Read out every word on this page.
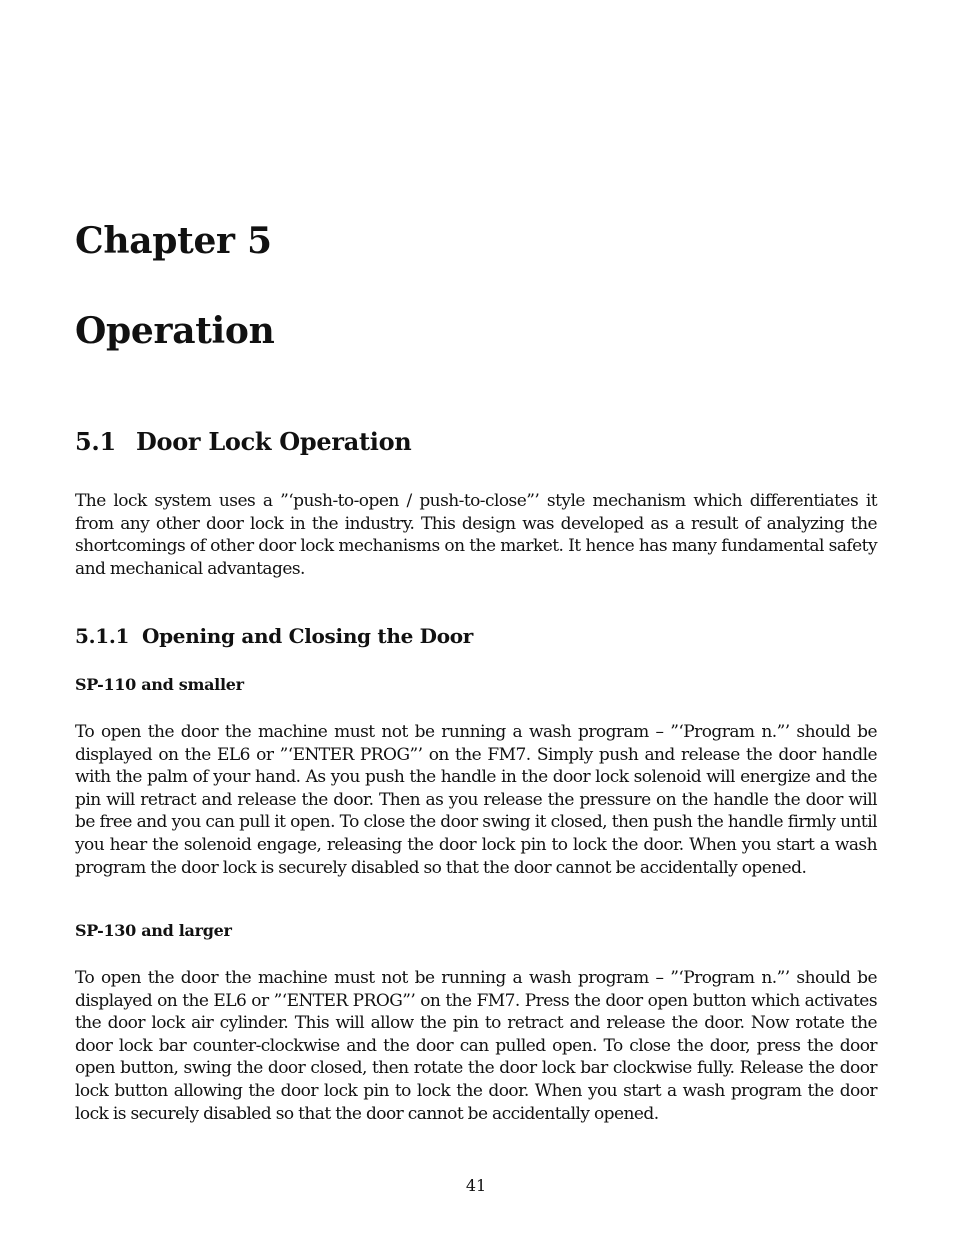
Chapter 5
Operation
5.1 Door Lock Operation

The lock system uses a ”‘push-to-open / push-to-close”’ style mechanism which differentiates it from any other door lock in the industry. This design was developed as a result of analyzing the shortcomings of other door lock mechanisms on the market. It hence has many fundamental safety and mechanical advantages.

5.1.1 Opening and Closing the Door
SP-110 and smaller

To open the door the machine must not be running a wash program – ”‘Program n.”’ should be displayed on the EL6 or ”‘ENTER PROG”’ on the FM7. Simply push and release the door handle with the palm of your hand. As you push the handle in the door lock solenoid will energize and the pin will retract and release the door. Then as you release the pressure on the handle the door will be free and you can pull it open. To close the door swing it closed, then push the handle firmly until you hear the solenoid engage, releasing the door lock pin to lock the door. When you start a wash program the door lock is securely disabled so that the door cannot be accidentally opened.

SP-130 and larger

To open the door the machine must not be running a wash program – ”‘Program n.”’ should be displayed on the EL6 or ”‘ENTER PROG”’ on the FM7. Press the door open button which activates the door lock air cylinder. This will allow the pin to retract and release the door. Now rotate the door lock bar counter-clockwise and the door can pulled open. To close the door, press the door open button, swing the door closed, then rotate the door lock bar clockwise fully. Release the door lock button allowing the door lock pin to lock the door. When you start a wash program the door lock is securely disabled so that the door cannot be accidentally opened.

41
